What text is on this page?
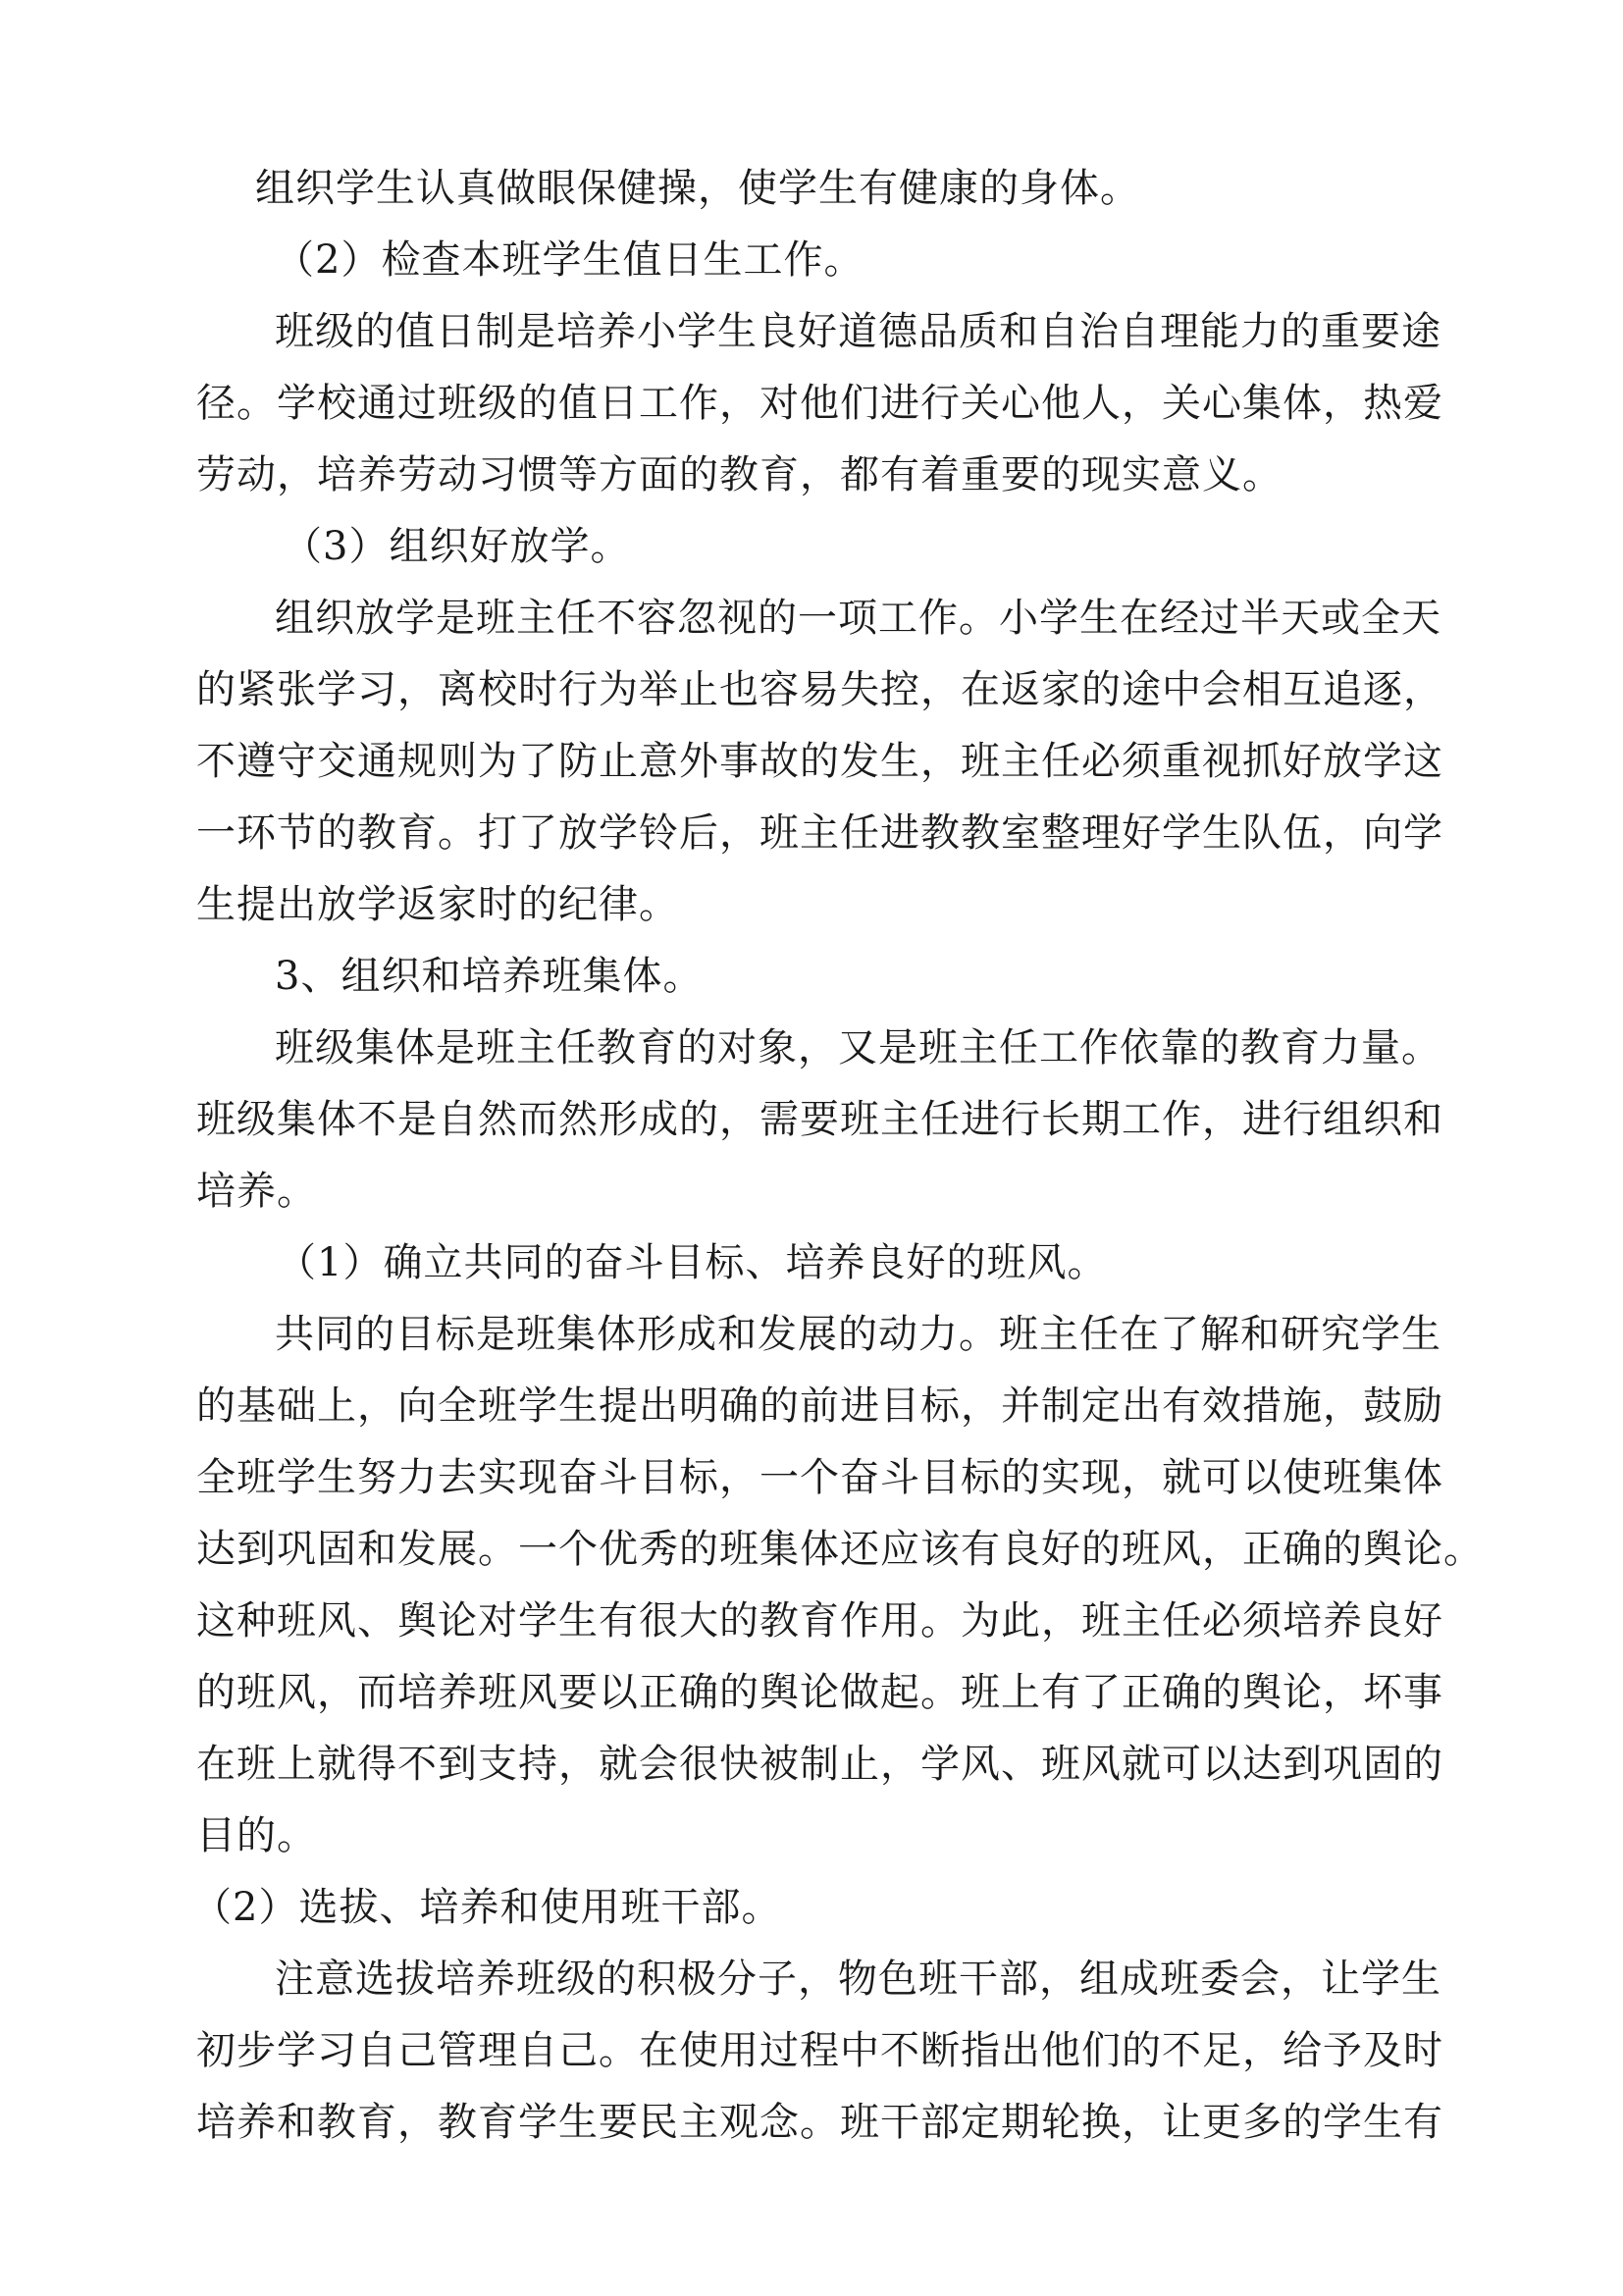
组织学生认真做眼保健操，使学生有健康的身体。
（2）检查本班学生值日生工作。
班级的值日制是培养小学生良好道德品质和自治自理能力的重要途
径。学校通过班级的值日工作，对他们进行关心他人，关心集体，热爱
劳动，培养劳动习惯等方面的教育，都有着重要的现实意义。
（3）组织好放学。
组织放学是班主任不容忽视的一项工作。小学生在经过半天或全天
的紧张学习，离校时行为举止也容易失控，在返家的途中会相互追逐，
不遵守交通规则为了防止意外事故的发生，班主任必须重视抓好放学这
一环节的教育。打了放学铃后，班主任进教教室整理好学生队伍，向学
生提出放学返家时的纪律。
3、组织和培养班集体。
班级集体是班主任教育的对象，又是班主任工作依靠的教育力量。
班级集体不是自然而然形成的，需要班主任进行长期工作，进行组织和
培养。
（1）确立共同的奋斗目标、培养良好的班风。
共同的目标是班集体形成和发展的动力。班主任在了解和研究学生
的基础上，向全班学生提出明确的前进目标，并制定出有效措施，鼓励
全班学生努力去实现奋斗目标，一个奋斗目标的实现，就可以使班集体
达到巩固和发展。一个优秀的班集体还应该有良好的班风，正确的舆论。
这种班风、舆论对学生有很大的教育作用。为此，班主任必须培养良好
的班风，而培养班风要以正确的舆论做起。班上有了正确的舆论，坏事
在班上就得不到支持，就会很快被制止，学风、班风就可以达到巩固的
目的。
（2）选拔、培养和使用班干部。
注意选拔培养班级的积极分子，物色班干部，组成班委会，让学生
初步学习自己管理自己。在使用过程中不断指出他们的不足，给予及时
培养和教育，教育学生要民主观念。班干部定期轮换，让更多的学生有
